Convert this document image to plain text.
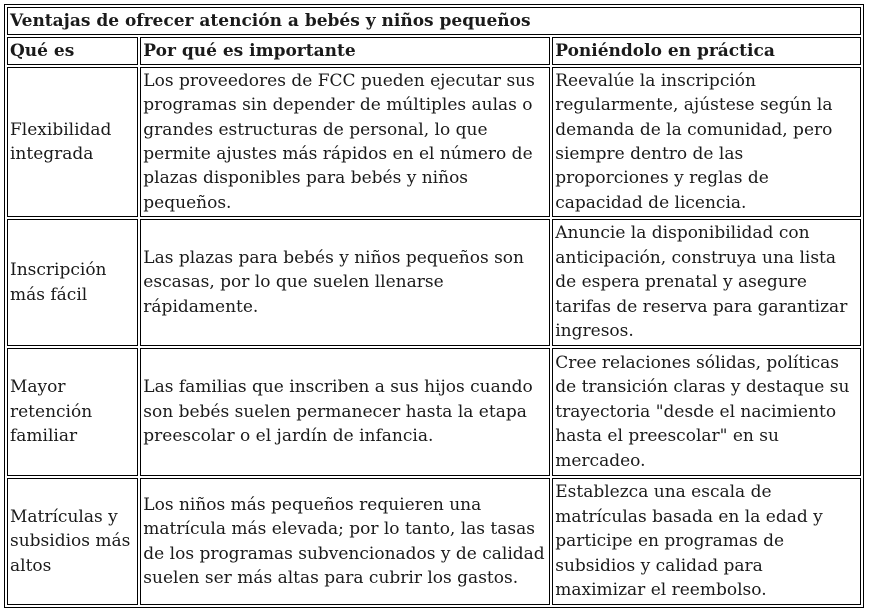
Ventajas de ofrecer atención a bebés y niños pequeños		
Qué es	Por qué es importante	Poniéndolo en práctica
Flexibilidad integrada	Los proveedores de FCC pueden ejecutar sus programas sin depender de múltiples aulas o grandes estructuras de personal, lo que permite ajustes más rápidos en el número de plazas disponibles para bebés y niños pequeños.	Reevalúe la inscripción regularmente, ajústese según la demanda de la comunidad, pero siempre dentro de las proporciones y reglas de capacidad de licencia.
Inscripción más fácil	Las plazas para bebés y niños pequeños son escasas, por lo que suelen llenarse rápidamente.	Anuncie la disponibilidad con anticipación, construya una lista de espera prenatal y asegure tarifas de reserva para garantizar ingresos.
Mayor retención familiar	Las familias que inscriben a sus hijos cuando son bebés suelen permanecer hasta la etapa preescolar o el jardín de infancia.	Cree relaciones sólidas, políticas de transición claras y destaque su trayectoria "desde el nacimiento hasta el preescolar" en su mercadeo.
Matrículas y subsidios más altos	Los niños más pequeños requieren una matrícula más elevada; por lo tanto, las tasas de los programas subvencionados y de calidad suelen ser más altas para cubrir los gastos.	Establezca una escala de matrículas basada en la edad y participe en programas de subsidios y calidad para maximizar el reembolso.
